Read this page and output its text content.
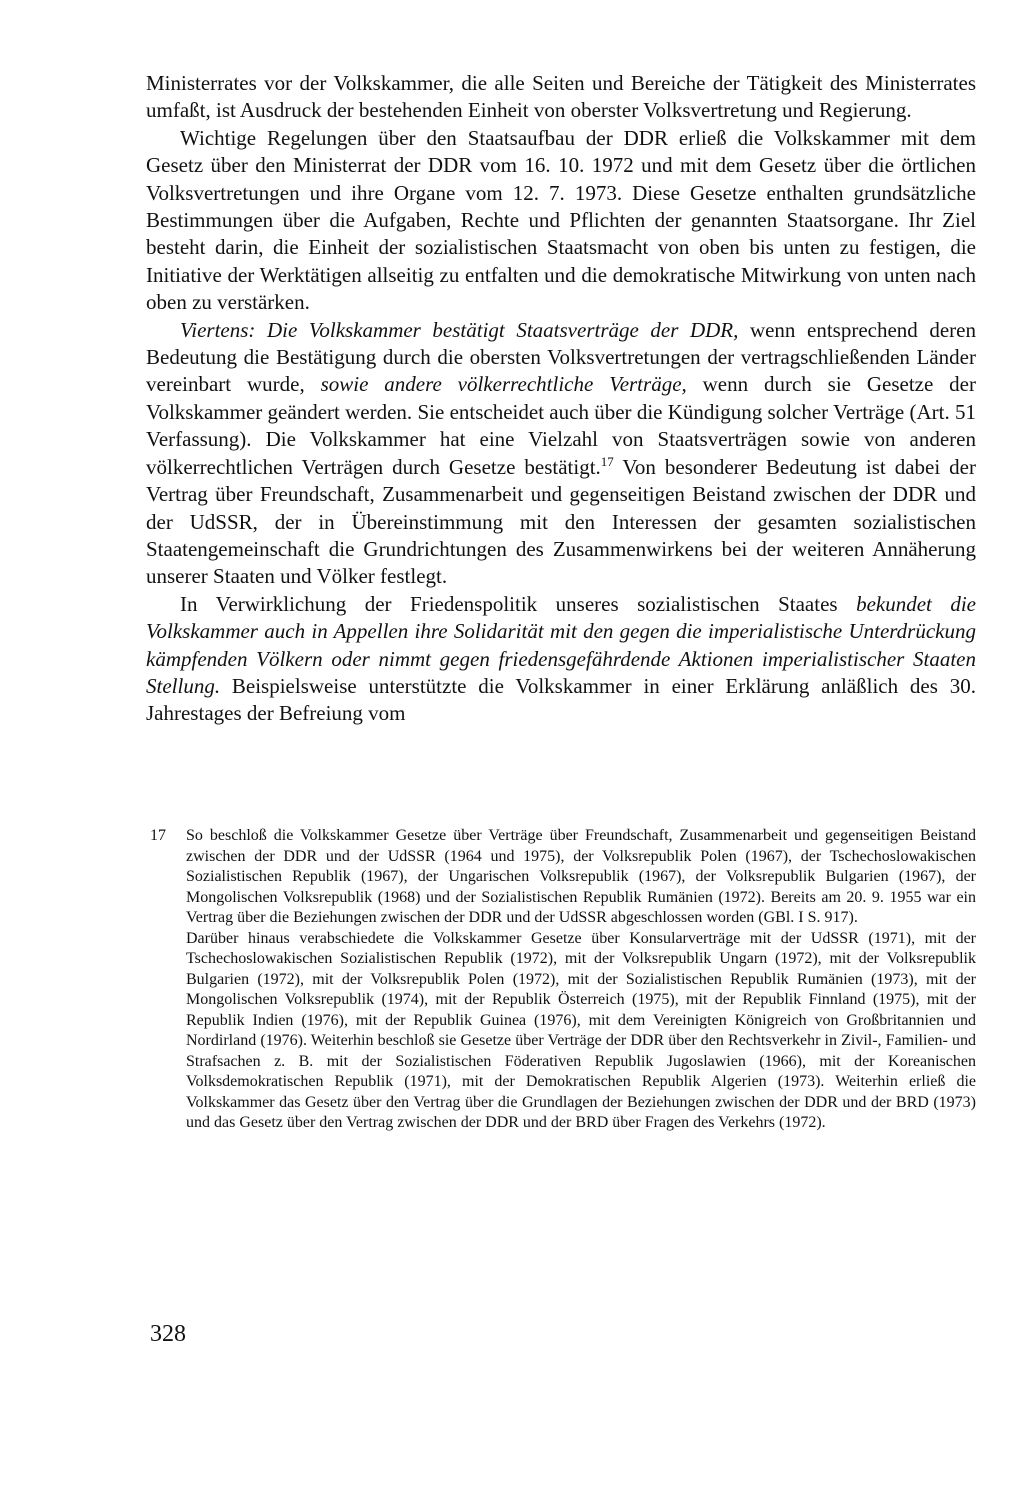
Ministerrates vor der Volkskammer, die alle Seiten und Bereiche der Tätigkeit des Ministerrates umfaßt, ist Ausdruck der bestehenden Einheit von oberster Volksvertretung und Regierung.

Wichtige Regelungen über den Staatsaufbau der DDR erließ die Volkskammer mit dem Gesetz über den Ministerrat der DDR vom 16. 10. 1972 und mit dem Gesetz über die örtlichen Volksvertretungen und ihre Organe vom 12. 7. 1973. Diese Gesetze enthalten grundsätzliche Bestimmungen über die Aufgaben, Rechte und Pflichten der genannten Staatsorgane. Ihr Ziel besteht darin, die Einheit der sozialistischen Staatsmacht von oben bis unten zu festigen, die Initiative der Werktätigen allseitig zu entfalten und die demokratische Mitwirkung von unten nach oben zu verstärken.

Viertens: Die Volkskammer bestätigt Staatsverträge der DDR, wenn entsprechend deren Bedeutung die Bestätigung durch die obersten Volksvertretungen der vertragschließenden Länder vereinbart wurde, sowie andere völkerrechtliche Verträge, wenn durch sie Gesetze der Volkskammer geändert werden. Sie entscheidet auch über die Kündigung solcher Verträge (Art. 51 Verfassung). Die Volkskammer hat eine Vielzahl von Staatsverträgen sowie von anderen völkerrechtlichen Verträgen durch Gesetze bestätigt.$^{17}$ Von besonderer Bedeutung ist dabei der Vertrag über Freundschaft, Zusammenarbeit und gegenseitigen Beistand zwischen der DDR und der UdSSR, der in Übereinstimmung mit den Interessen der gesamten sozialistischen Staatengemeinschaft die Grundrichtungen des Zusammenwirkens bei der weiteren Annäherung unserer Staaten und Völker festlegt.

In Verwirklichung der Friedenspolitik unseres sozialistischen Staates bekundet die Volkskammer auch in Appellen ihre Solidarität mit den gegen die imperialistische Unterdrückung kämpfenden Völkern oder nimmt gegen friedensgefährdende Aktionen imperialistischer Staaten Stellung. Beispielsweise unterstützte die Volkskammer in einer Erklärung anläßlich des 30. Jahrestages der Befreiung vom

17 So beschloß die Volkskammer Gesetze über Verträge über Freundschaft, Zusammenarbeit und gegenseitigen Beistand zwischen der DDR und der UdSSR (1964 und 1975), der Volksrepublik Polen (1967), der Tschechoslowakischen Sozialistischen Republik (1967), der Ungarischen Volksrepublik (1967), der Volksrepublik Bulgarien (1967), der Mongolischen Volksrepublik (1968) und der Sozialistischen Republik Rumänien (1972). Bereits am 20. 9. 1955 war ein Vertrag über die Beziehungen zwischen der DDR und der UdSSR abgeschlossen worden (GBl. I S. 917).

Darüber hinaus verabschiedete die Volkskammer Gesetze über Konsularverträge mit der UdSSR (1971), mit der Tschechoslowakischen Sozialistischen Republik (1972), mit der Volksrepublik Ungarn (1972), mit der Volksrepublik Bulgarien (1972), mit der Volksrepublik Polen (1972), mit der Sozialistischen Republik Rumänien (1973), mit der Mongolischen Volksrepublik (1974), mit der Republik Österreich (1975), mit der Republik Finnland (1975), mit der Republik Indien (1976), mit der Republik Guinea (1976), mit dem Vereinigten Königreich von Großbritannien und Nordirland (1976). Weiterhin beschloß sie Gesetze über Verträge der DDR über den Rechtsverkehr in Zivil-, Familien- und Strafsachen z. B. mit der Sozialistischen Föderativen Republik Jugoslawien (1966), mit der Koreanischen Volksdemokratischen Republik (1971), mit der Demokratischen Republik Algerien (1973). Weiterhin erließ die Volkskammer das Gesetz über den Vertrag über die Grundlagen der Beziehungen zwischen der DDR und der BRD (1973) und das Gesetz über den Vertrag zwischen der DDR und der BRD über Fragen des Verkehrs (1972).

328
